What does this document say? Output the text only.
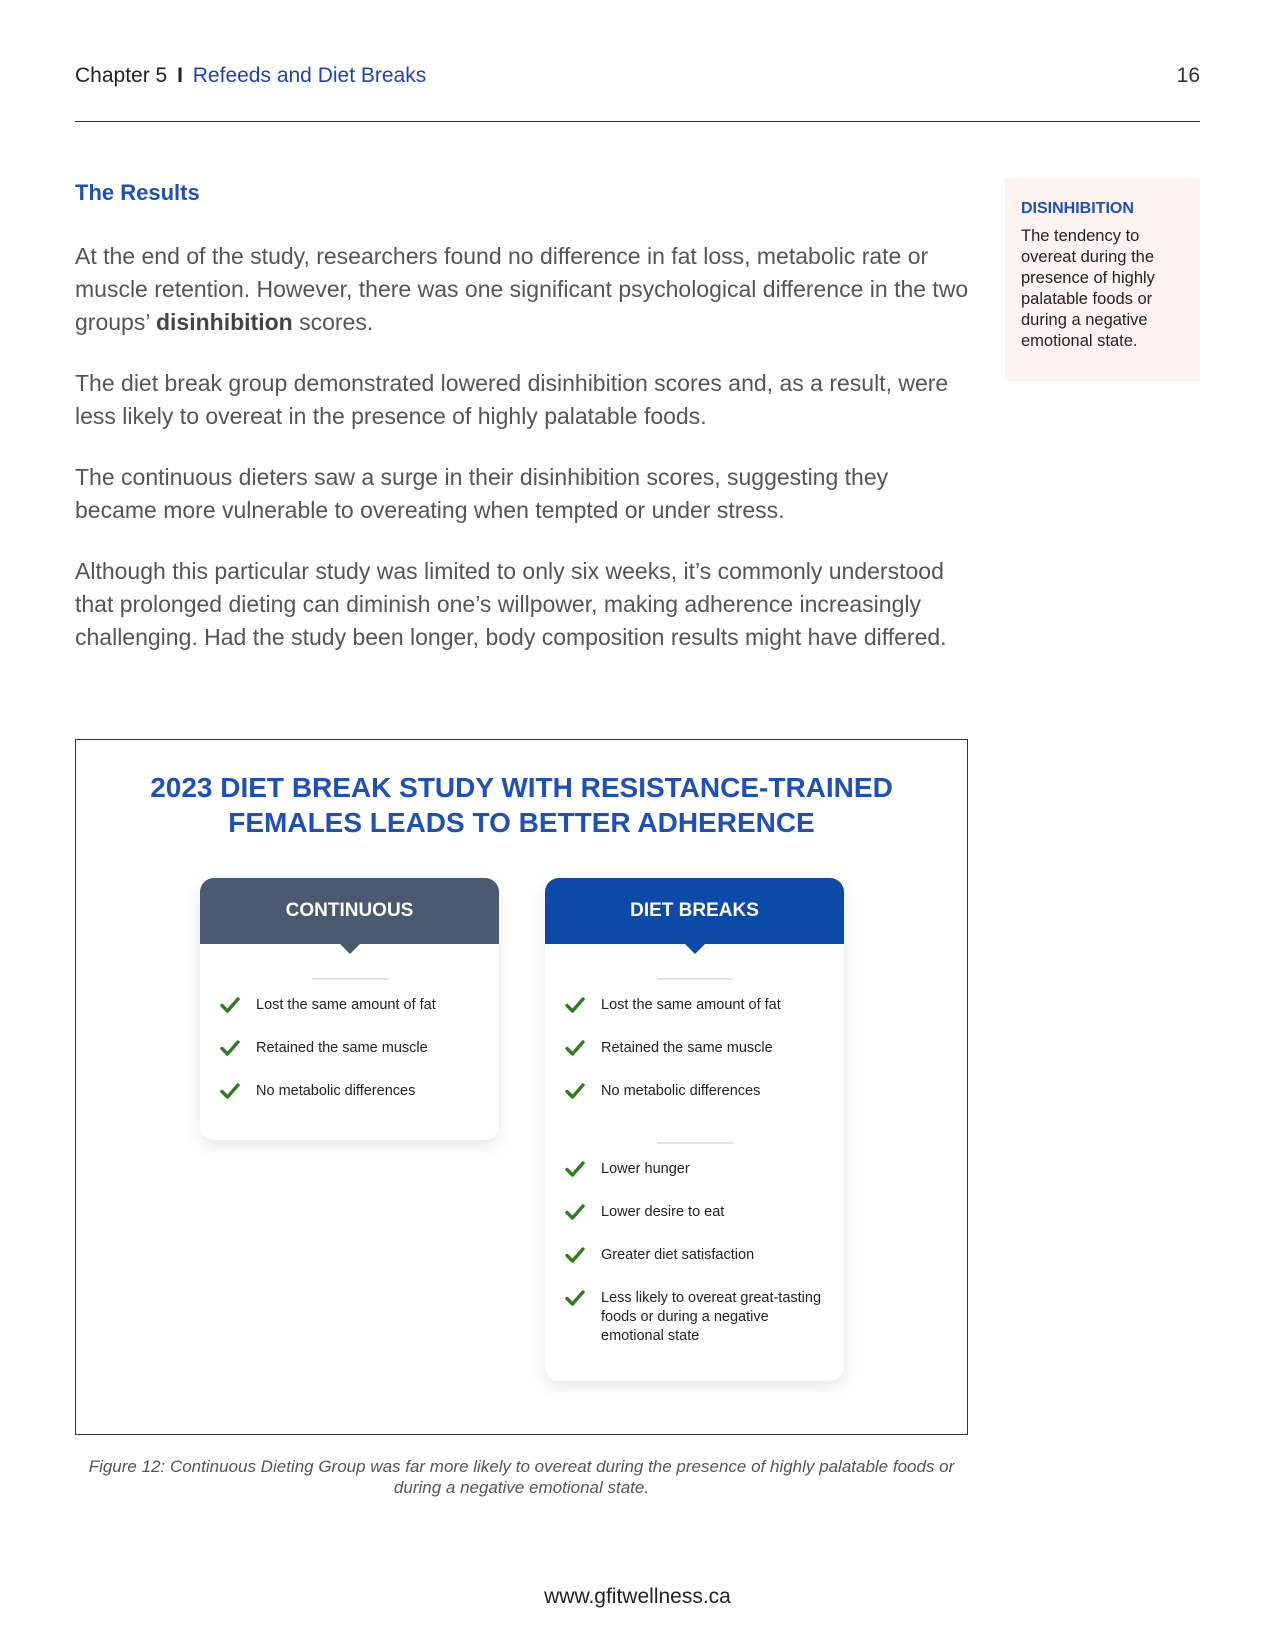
Chapter 5 I Refeeds and Diet Breaks	16
The Results

At the end of the study, researchers found no difference in fat loss, metabolic rate or muscle retention. However, there was one significant psychological difference in the two groups’ disinhibition scores.

The diet break group demonstrated lowered disinhibition scores and, as a result, were less likely to overeat in the presence of highly palatable foods.

The continuous dieters saw a surge in their disinhibition scores, suggesting they became more vulnerable to overeating when tempted or under stress.

Although this particular study was limited to only six weeks, it’s commonly understood that prolonged dieting can diminish one’s willpower, making adherence increasingly challenging. Had the study been longer, body composition results might have differed.

DISINHIBITION

The tendency to overeat during the presence of highly palatable foods or during a negative emotional state.

2023 DIET BREAK STUDY WITH RESISTANCE-TRAINED
FEMALES LEADS TO BETTER ADHERENCE
CONTINUOUS
Lost the same amount of fat
Retained the same muscle
No metabolic differences
DIET BREAKS
Lost the same amount of fat
Retained the same muscle
No metabolic differences
Lower hunger
Lower desire to eat
Greater diet satisfaction
Less likely to overeat great-tasting foods or during a negative emotional state

Figure 12: Continuous Dieting Group was far more likely to overeat during the presence of highly palatable foods or during a negative emotional state.

www.gfitwellness.ca
